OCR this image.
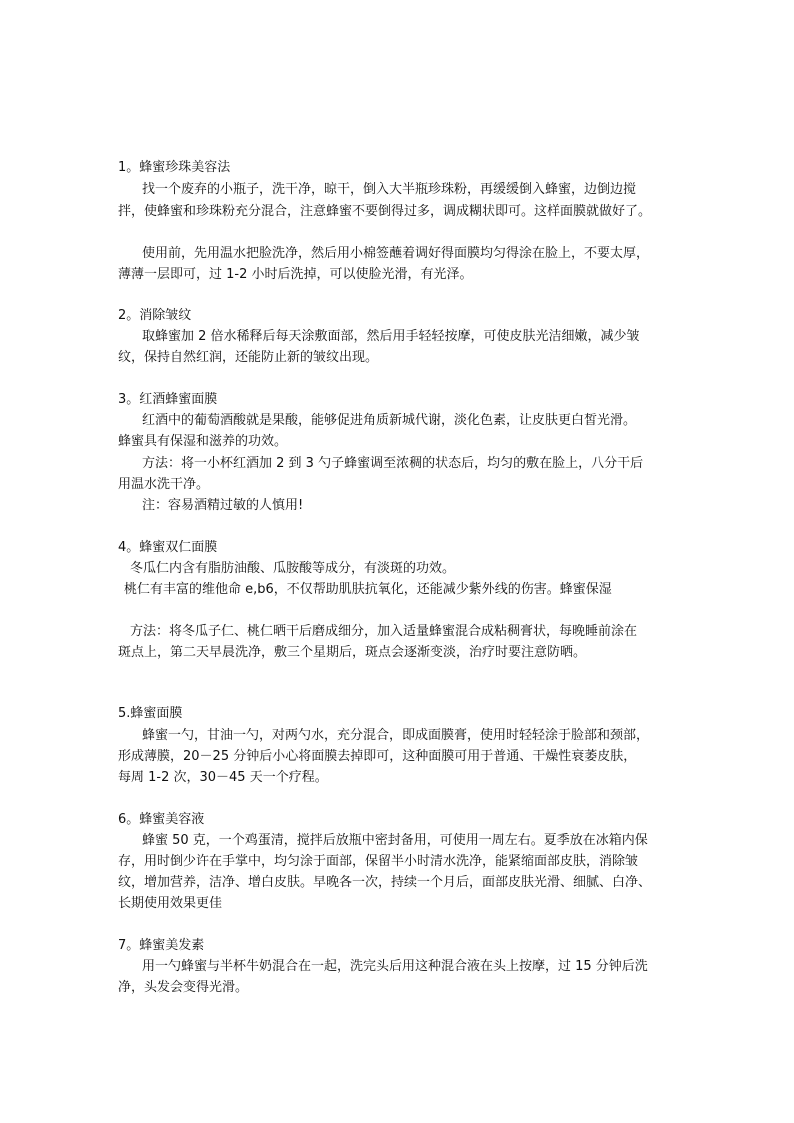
1。蜂蜜珍珠美容法
找一个废弃的小瓶子，洗干净，晾干，倒入大半瓶珍珠粉，再缓缓倒入蜂蜜，边倒边搅
拌，使蜂蜜和珍珠粉充分混合，注意蜂蜜不要倒得过多，调成糊状即可。这样面膜就做好了。
使用前，先用温水把脸洗净，然后用小棉签蘸着调好得面膜均匀得涂在脸上，不要太厚，
薄薄一层即可，过 1-2 小时后洗掉，可以使脸光滑，有光泽。
2。消除皱纹
取蜂蜜加 2 倍水稀释后每天涂敷面部，然后用手轻轻按摩，可使皮肤光洁细嫩，减少皱
纹，保持自然红润，还能防止新的皱纹出现。
3。红酒蜂蜜面膜
红酒中的葡萄酒酸就是果酸，能够促进角质新城代谢，淡化色素，让皮肤更白皙光滑。
蜂蜜具有保湿和滋养的功效。
方法：将一小杯红酒加 2 到 3 勺子蜂蜜调至浓稠的状态后，均匀的敷在脸上，八分干后
用温水洗干净。
注：容易酒精过敏的人慎用!
4。蜂蜜双仁面膜
冬瓜仁内含有脂肪油酸、瓜胺酸等成分，有淡斑的功效。
桃仁有丰富的维他命 e,b6，不仅帮助肌肤抗氧化，还能减少紫外线的伤害。蜂蜜保湿
方法：将冬瓜子仁、桃仁晒干后磨成细分，加入适量蜂蜜混合成粘稠膏状，每晚睡前涂在
斑点上，第二天早晨洗净，敷三个星期后，斑点会逐渐变淡，治疗时要注意防晒。
5.蜂蜜面膜
蜂蜜一勺，甘油一勺，对两勺水，充分混合，即成面膜膏，使用时轻轻涂于脸部和颈部，
形成薄膜，20－25 分钟后小心将面膜去掉即可，这种面膜可用于普通、干燥性衰萎皮肤，
每周 1-2 次，30－45 天一个疗程。
6。蜂蜜美容液
蜂蜜 50 克，一个鸡蛋清，搅拌后放瓶中密封备用，可使用一周左右。夏季放在冰箱内保
存，用时倒少许在手掌中，均匀涂于面部，保留半小时清水洗净，能紧缩面部皮肤，消除皱
纹，增加营养，洁净、增白皮肤。早晚各一次，持续一个月后，面部皮肤光滑、细腻、白净、
长期使用效果更佳
7。蜂蜜美发素
用一勺蜂蜜与半杯牛奶混合在一起，洗完头后用这种混合液在头上按摩，过 15 分钟后洗
净，头发会变得光滑。
